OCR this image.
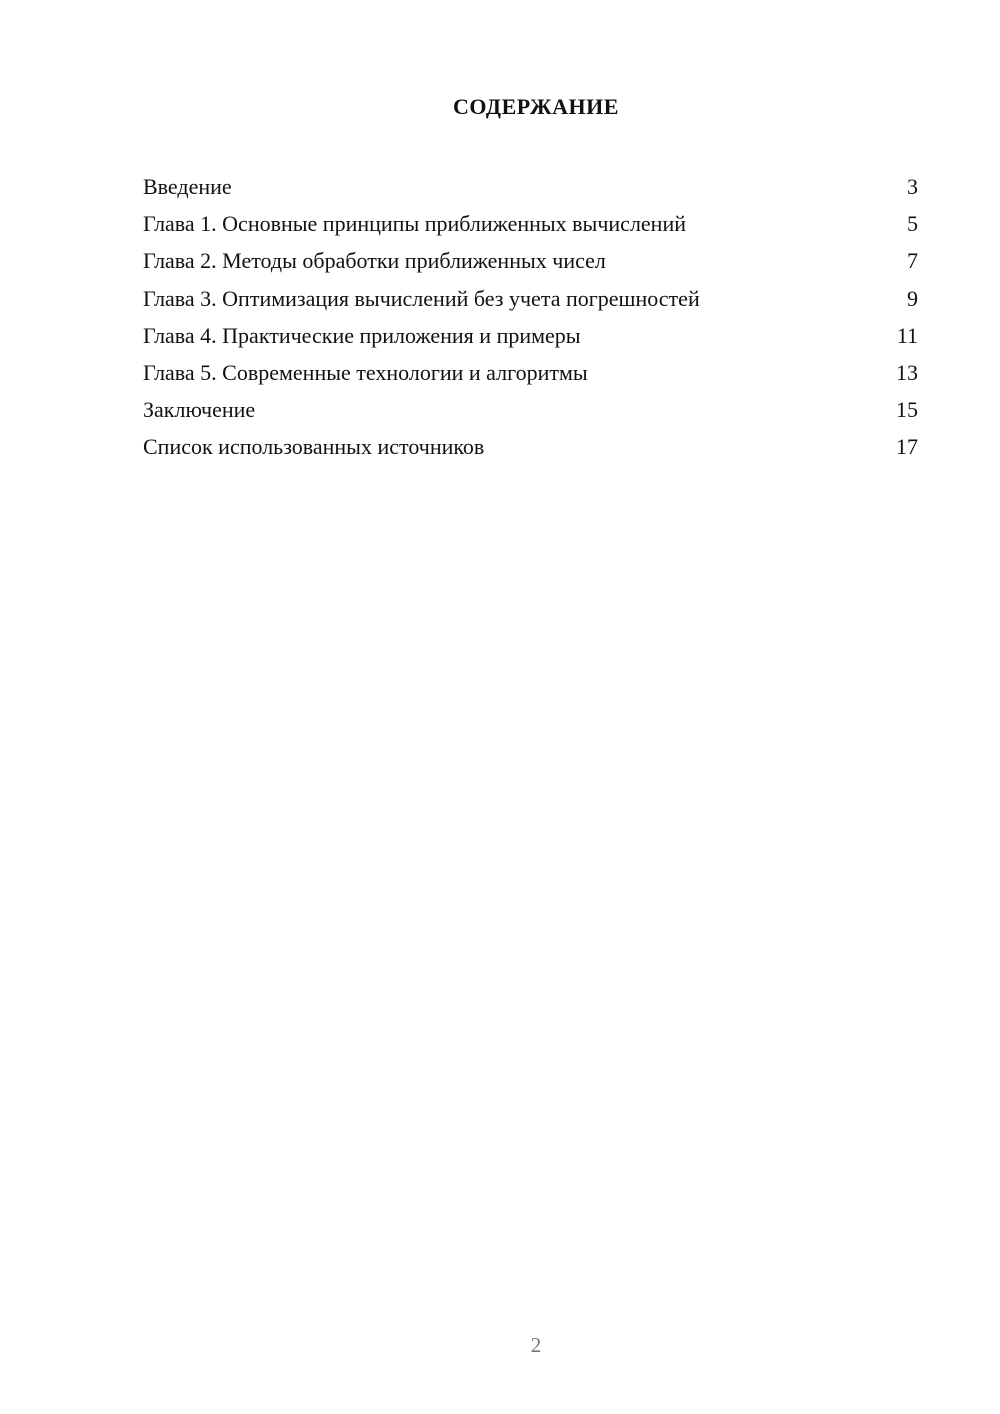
СОДЕРЖАНИЕ
Введение	3
Глава 1. Основные принципы приближенных вычислений	5
Глава 2. Методы обработки приближенных чисел	7
Глава 3. Оптимизация вычислений без учета погрешностей	9
Глава 4. Практические приложения и примеры	11
Глава 5. Современные технологии и алгоритмы	13
Заключение	15
Список использованных источников	17
2
